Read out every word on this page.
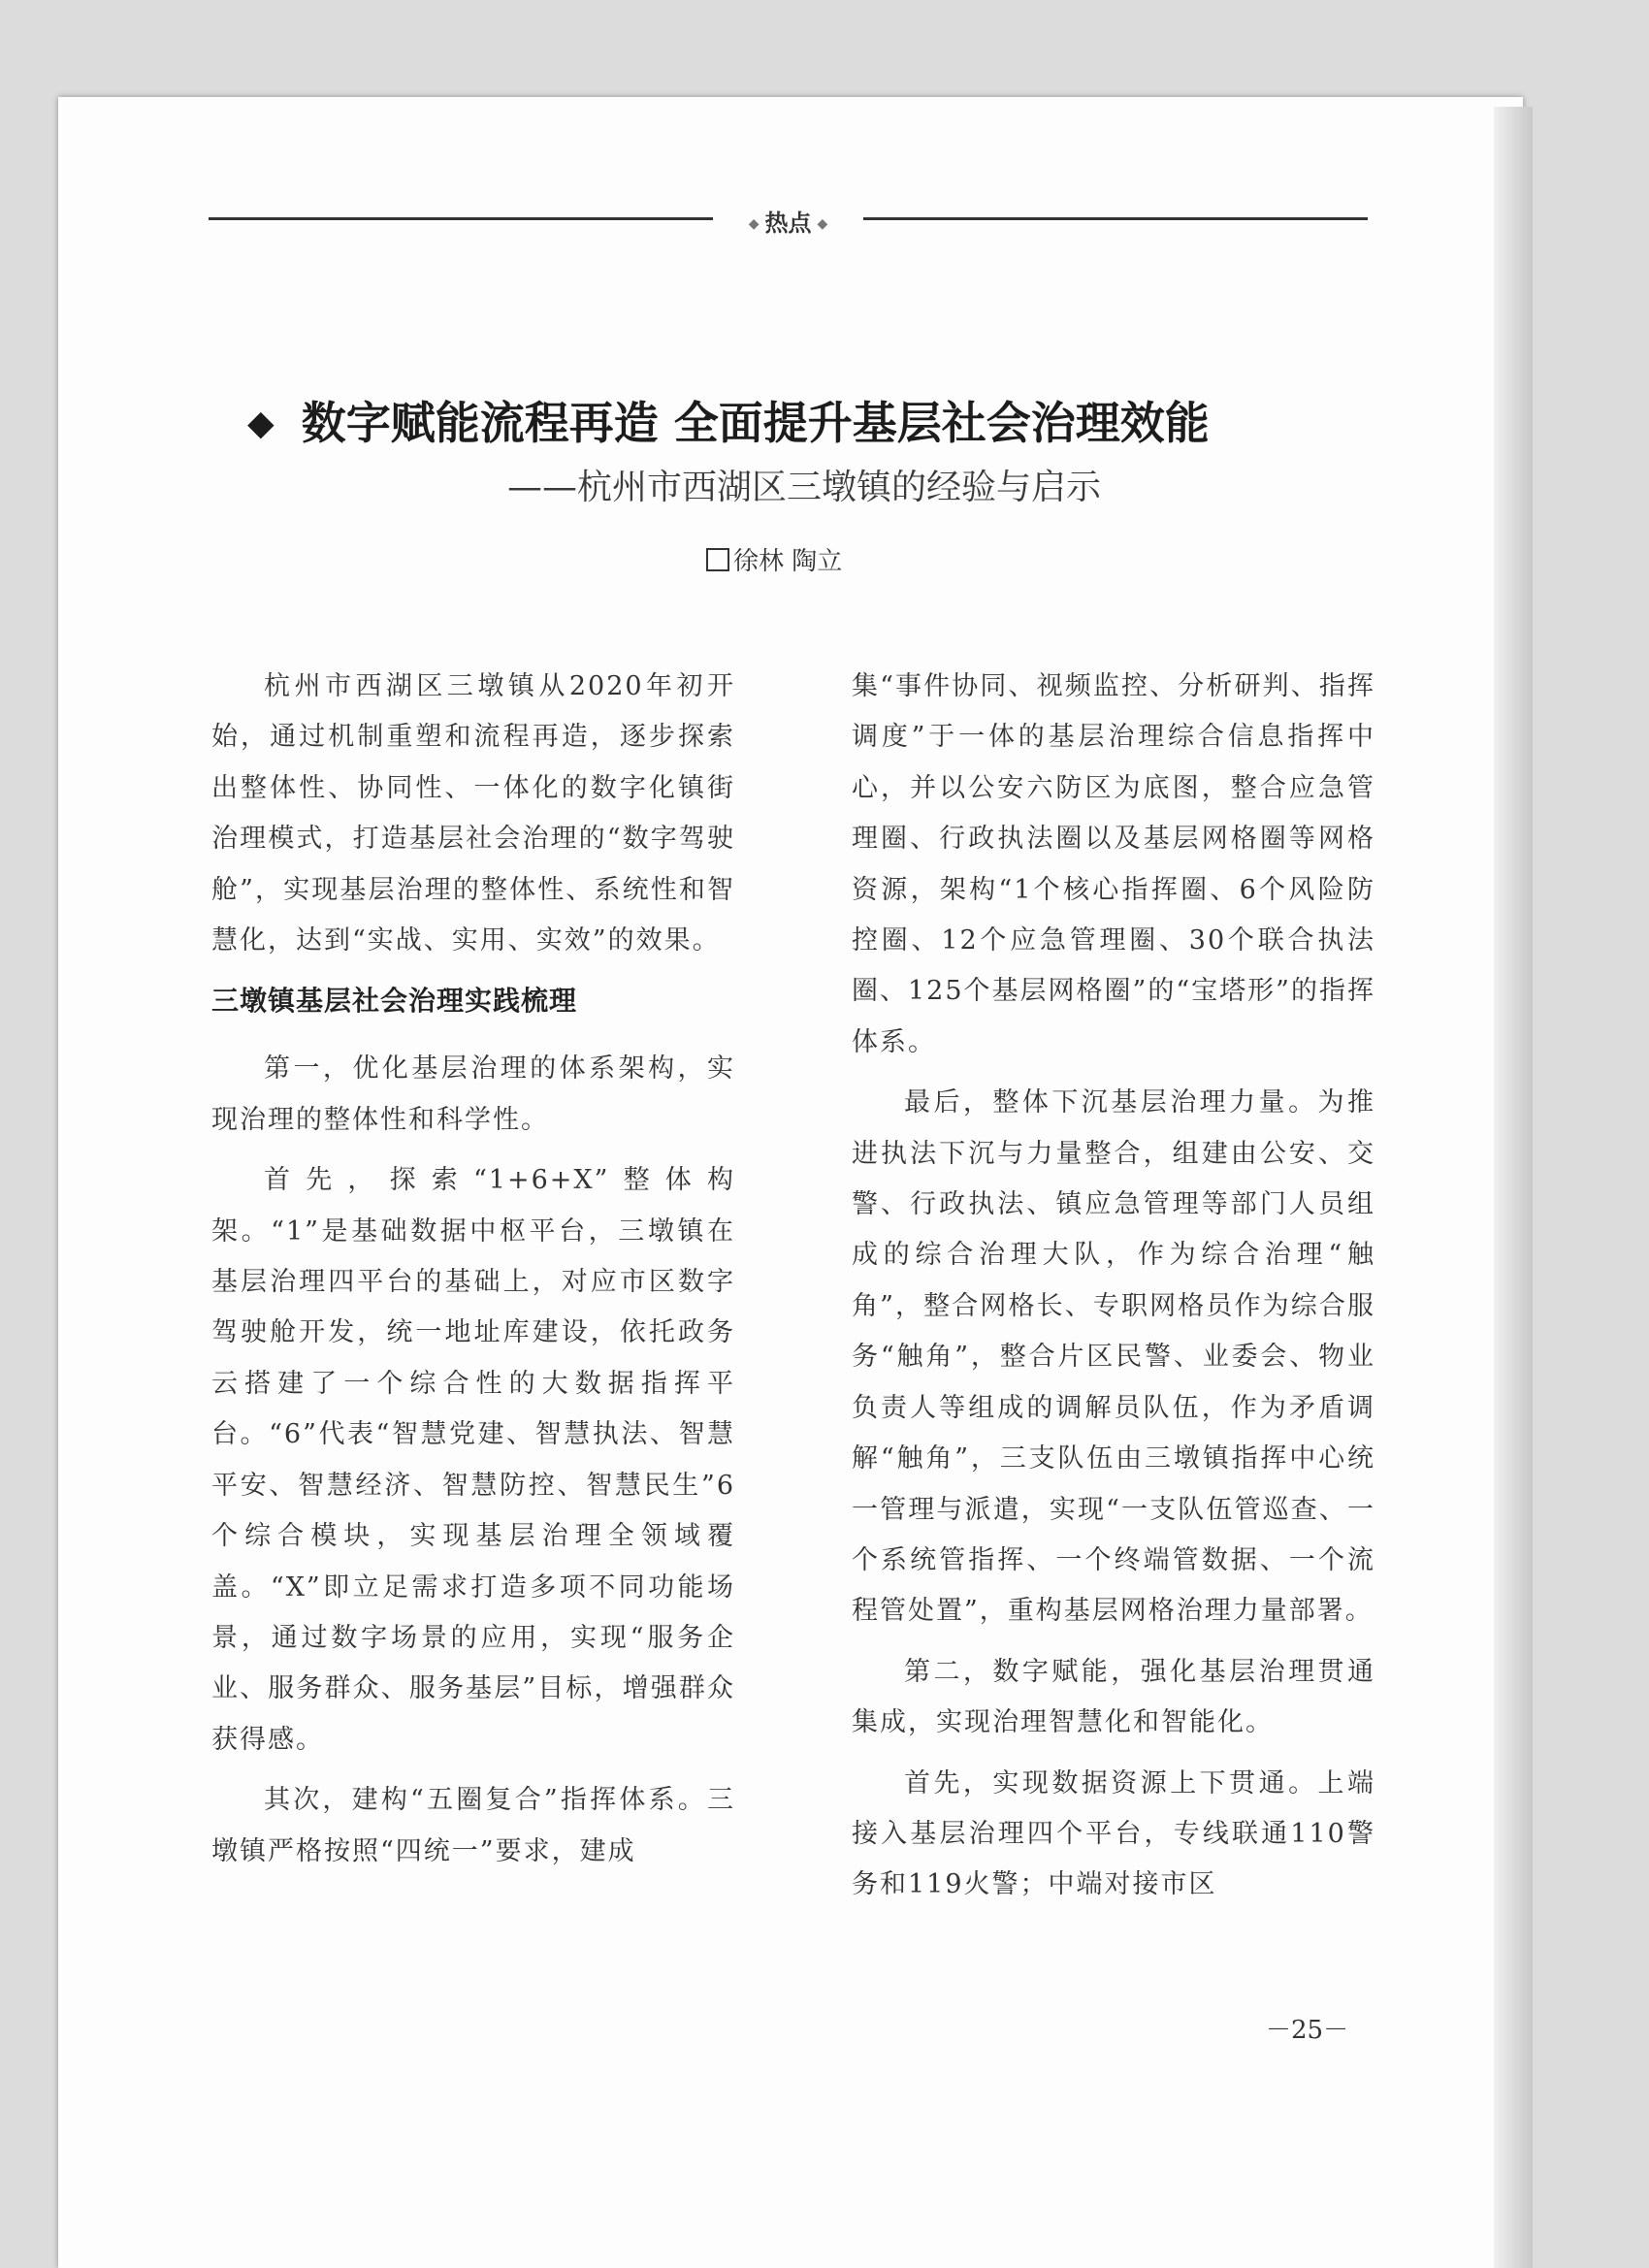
◆ 热点 ◆
◆ 数字赋能流程再造 全面提升基层社会治理效能
——杭州市西湖区三墩镇的经验与启示
徐林 陶立

杭州市西湖区三墩镇从2020年初开始，通过机制重塑和流程再造，逐步探索出整体性、协同性、一体化的数字化镇街治理模式，打造基层社会治理的“数字驾驶舱”，实现基层治理的整体性、系统性和智慧化，达到“实战、实用、实效”的效果。

三墩镇基层社会治理实践梳理

第一，优化基层治理的体系架构，实现治理的整体性和科学性。

首先，探索“1+6+X”整体构架。“1”是基础数据中枢平台，三墩镇在基层治理四平台的基础上，对应市区数字驾驶舱开发，统一地址库建设，依托政务云搭建了一个综合性的大数据指挥平台。“6”代表“智慧党建、智慧执法、智慧平安、智慧经济、智慧防控、智慧民生”6个综合模块，实现基层治理全领域覆盖。“X”即立足需求打造多项不同功能场景，通过数字场景的应用，实现“服务企业、服务群众、服务基层”目标，增强群众获得感。

其次，建构“五圈复合”指挥体系。三墩镇严格按照“四统一”要求，建成

集“事件协同、视频监控、分析研判、指挥调度”于一体的基层治理综合信息指挥中心，并以公安六防区为底图，整合应急管理圈、行政执法圈以及基层网格圈等网格资源，架构“1个核心指挥圈、6个风险防控圈、12个应急管理圈、30个联合执法圈、125个基层网格圈”的“宝塔形”的指挥体系。

最后，整体下沉基层治理力量。为推进执法下沉与力量整合，组建由公安、交警、行政执法、镇应急管理等部门人员组成的综合治理大队，作为综合治理“触角”，整合网格长、专职网格员作为综合服务“触角”，整合片区民警、业委会、物业负责人等组成的调解员队伍，作为矛盾调解“触角”，三支队伍由三墩镇指挥中心统一管理与派遣，实现“一支队伍管巡查、一个系统管指挥、一个终端管数据、一个流程管处置”，重构基层网格治理力量部署。

第二，数字赋能，强化基层治理贯通集成，实现治理智慧化和智能化。

首先，实现数据资源上下贯通。上端接入基层治理四个平台，专线联通110警务和119火警；中端对接市区

－25－
